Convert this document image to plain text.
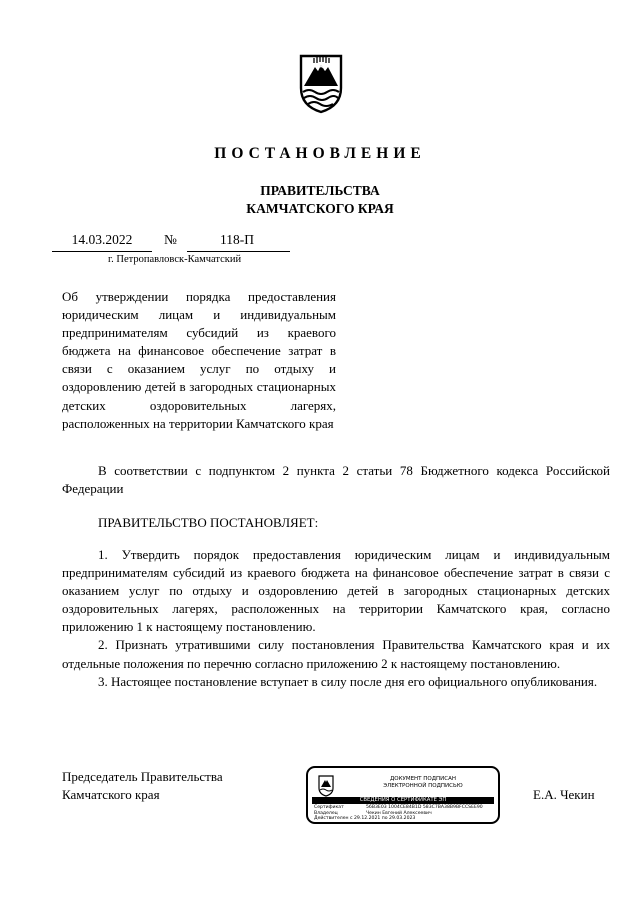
ПОСТАНОВЛЕНИЕ
ПРАВИТЕЛЬСТВА
КАМЧАТСКОГО КРАЯ
14.03.2022	№	118-П
г. Петропавловск-Камчатский
Об утверждении порядка предоставления юридическим лицам и индивидуальным предпринимателям субсидий из краевого бюджета на финансовое обеспечение затрат в связи с оказанием услуг по отдыху и оздоровлению детей в загородных стационарных детских оздоровительных лагерях, расположенных на территории Камчатского края
В соответствии с подпунктом 2 пункта 2 статьи 78 Бюджетного кодекса Российской Федерации
ПРАВИТЕЛЬСТВО ПОСТАНОВЛЯЕТ:

1. Утвердить порядок предоставления юридическим лицам и индивидуальным предпринимателям субсидий из краевого бюджета на финансовое обеспечение затрат в связи с оказанием услуг по отдыху и оздоровлению детей в загородных стационарных детских оздоровительных лагерях, расположенных на территории Камчатского края, согласно приложению 1 к настоящему постановлению.

2. Признать утратившими силу постановления Правительства Камчатского края и их отдельные положения по перечню согласно приложению 2 к настоящему постановлению.

3. Настоящее постановление вступает в силу после дня его официального опубликования.

Председатель Правительства
Камчатского края
ДОКУМЕНТ ПОДПИСАН
ЭЛЕКТРОННОЙ ПОДПИСЬЮ
СВЕДЕНИЯ О СЕРТИФИКАТЕ ЭП
Сертификат	56B3E03 1004CE84B1D 583C7BA38B9BFCCSEE90
Владелец	Чекин Евгений Алексеевич
Действителен с 29.12.2021 по 29.03.2023
Е.А. Чекин
